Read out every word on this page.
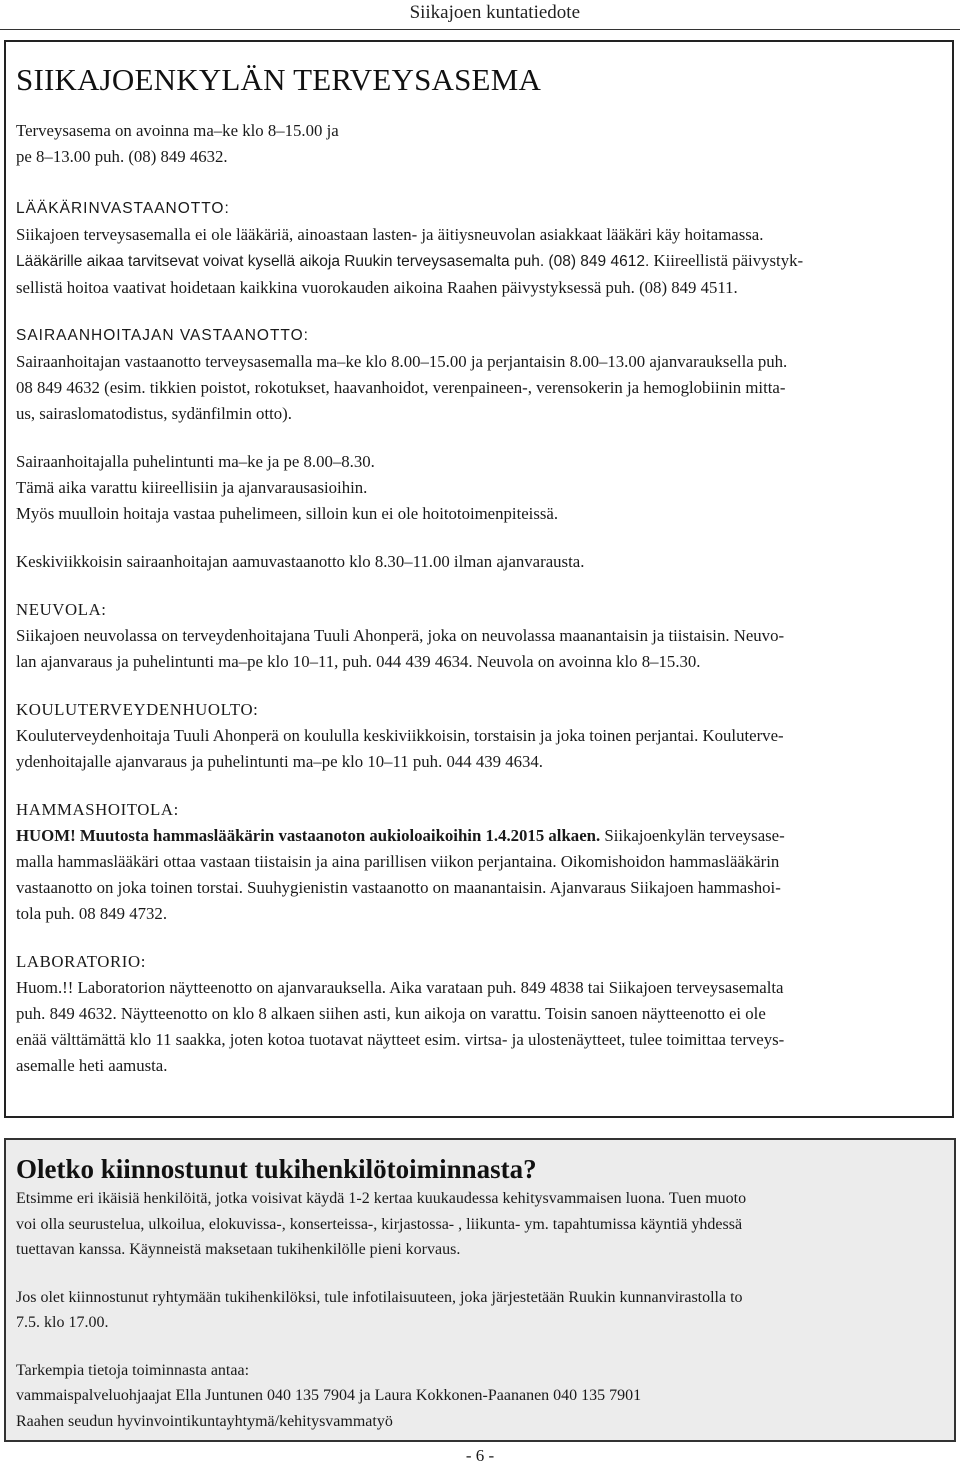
Siikajoen kuntatiedote
SIIKAJOENKYLÄN TERVEYSASEMA
Terveysasema on avoinna ma–ke klo 8–15.00 ja
pe 8–13.00 puh. (08) 849 4632.
LÄÄKÄRINVASTAANOTTO:
Siikajoen terveysasemalla ei ole lääkäriä, ainoastaan lasten- ja äitiysneuvolan asiakkaat lääkäri käy hoitamassa.
Lääkärille aikaa tarvitsevat voivat kysellä aikoja Ruukin terveysasemalta puh. (08) 849 4612. Kiireellistä päivystyk-
sellistä hoitoa vaativat hoidetaan kaikkina vuorokauden aikoina Raahen päivystyksessä puh. (08) 849 4511.
SAIRAANHOITAJAN VASTAANOTTO:
Sairaanhoitajan vastaanotto terveysasemalla ma–ke klo 8.00–15.00 ja perjantaisin 8.00–13.00 ajanvarauksella puh.
08 849 4632 (esim. tikkien poistot, rokotukset, haavanhoidot, verenpaineen-, verensokerin ja hemoglobiinin mitta-
us, sairaslomatodistus, sydänfilmin otto).
Sairaanhoitajalla puhelintunti ma–ke ja pe 8.00–8.30.
Tämä aika varattu kiireellisiin ja ajanvarausasioihin.
Myös muulloin hoitaja vastaa puhelimeen, silloin kun ei ole hoitotoimenpiteissä.
Keskiviikkoisin sairaanhoitajan aamuvastaanotto klo 8.30–11.00 ilman ajanvarausta.
NEUVOLA:
Siikajoen neuvolassa on terveydenhoitajana Tuuli Ahonperä, joka on neuvolassa maanantaisin ja tiistaisin. Neuvo-
lan ajanvaraus ja puhelintunti ma–pe klo 10–11, puh. 044 439 4634. Neuvola on avoinna klo 8–15.30.
KOULUTERVEYDENHUOLTO:
Kouluterveydenhoitaja Tuuli Ahonperä on koululla keskiviikkoisin, torstaisin ja joka toinen perjantai. Kouluterve-
ydenhoitajalle ajanvaraus ja puhelintunti ma–pe klo 10–11 puh. 044 439 4634.
HAMMASHOITOLA:
HUOM! Muutosta hammaslääkärin vastaanoton aukioloaikoihin 1.4.2015 alkaen. Siikajoenkylän terveysase-
malla hammaslääkäri ottaa vastaan tiistaisin ja aina parillisen viikon perjantaina. Oikomishoidon hammaslääkärin
vastaanotto on joka toinen torstai. Suuhygienistin vastaanotto on maanantaisin. Ajanvaraus Siikajoen hammashoi-
tola puh. 08 849 4732.
LABORATORIO:
Huom.!! Laboratorion näytteenotto on ajanvarauksella. Aika varataan puh. 849 4838 tai Siikajoen terveysasemalta
puh. 849 4632. Näytteenotto on klo 8 alkaen siihen asti, kun aikoja on varattu. Toisin sanoen näytteenotto ei ole
enää välttämättä klo 11 saakka, joten kotoa tuotavat näytteet esim. virtsa- ja ulostenäytteet, tulee toimittaa terveys-
asemalle heti aamusta.
Oletko kiinnostunut tukihenkilötoiminnasta?
Etsimme eri ikäisiä henkilöitä, jotka voisivat käydä 1-2 kertaa kuukaudessa kehitysvammaisen luona. Tuen muoto
voi olla seurustelua, ulkoilua, elokuvissa-, konserteissa-, kirjastossa- , liikunta- ym. tapahtumissa käyntiä yhdessä
tuettavan kanssa. Käynneistä maksetaan tukihenkilölle pieni korvaus.
Jos olet kiinnostunut ryhtymään tukihenkilöksi, tule infotilaisuuteen, joka järjestetään Ruukin kunnanvirastolla to
7.5. klo 17.00.
Tarkempia tietoja toiminnasta antaa:
vammaispalveluohjaajat Ella Juntunen 040 135 7904 ja Laura Kokkonen-Paananen 040 135 7901
Raahen seudun hyvinvointikuntayhtymä/kehitysvammatyö
- 6 -
